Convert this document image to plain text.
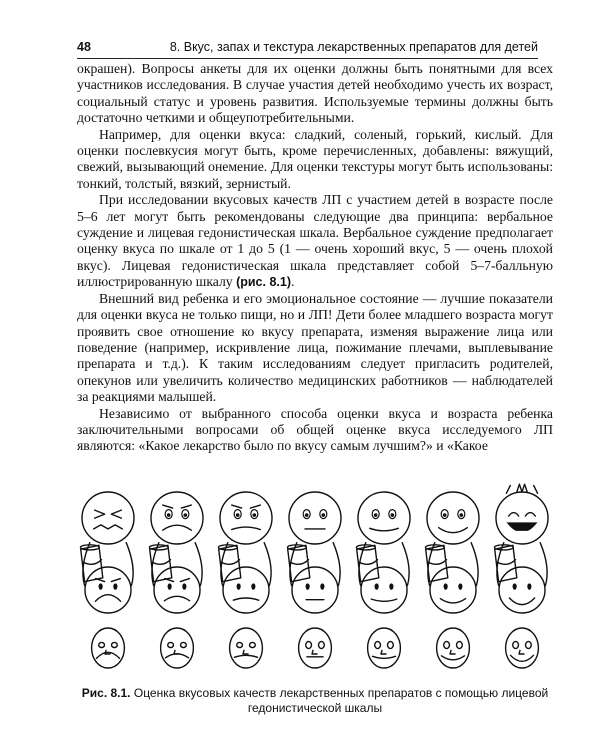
48	8. Вкус, запах и текстура лекарственных препаратов для детей

окрашен). Вопросы анкеты для их оценки должны быть понятными для всех участников исследования. В случае участия детей необходимо учесть их возраст, социальный статус и уровень развития. Используемые термины должны быть достаточно четкими и общеупотребительными.

Например, для оценки вкуса: сладкий, соленый, горький, кислый. Для оценки послевкусия могут быть, кроме перечисленных, добавлены: вяжущий, свежий, вызывающий онемение. Для оценки текстуры могут быть использованы: тонкий, толстый, вязкий, зернистый.

При исследовании вкусовых качеств ЛП с участием детей в возрасте после 5–6 лет могут быть рекомендованы следующие два принципа: вербальное суждение и лицевая гедонистическая шкала. Вербальное суждение предполагает оценку вкуса по шкале от 1 до 5 (1 — очень хороший вкус, 5 — очень плохой вкус). Лицевая гедонистическая шкала представляет собой 5–7-балльную иллюстрированную шкалу (рис. 8.1).

Внешний вид ребенка и его эмоциональное состояние — лучшие показатели для оценки вкуса не только пищи, но и ЛП! Дети более младшего возраста могут проявить свое отношение ко вкусу препарата, изменяя выражение лица или поведение (например, искривление лица, пожимание плечами, выплевывание препарата и т.д.). К таким исследованиям следует пригласить родителей, опекунов или увеличить количество медицинских работников — наблюдателей за реакциями малышей.

Независимо от выбранного способа оценки вкуса и возраста ребенка заключительными вопросами об общей оценке вкуса исследуемого ЛП являются: «Какое лекарство было по вкусу самым лучшим?» и «Какое

Рис. 8.1. Оценка вкусовых качеств лекарственных препаратов с помощью лицевой гедонистической шкалы
